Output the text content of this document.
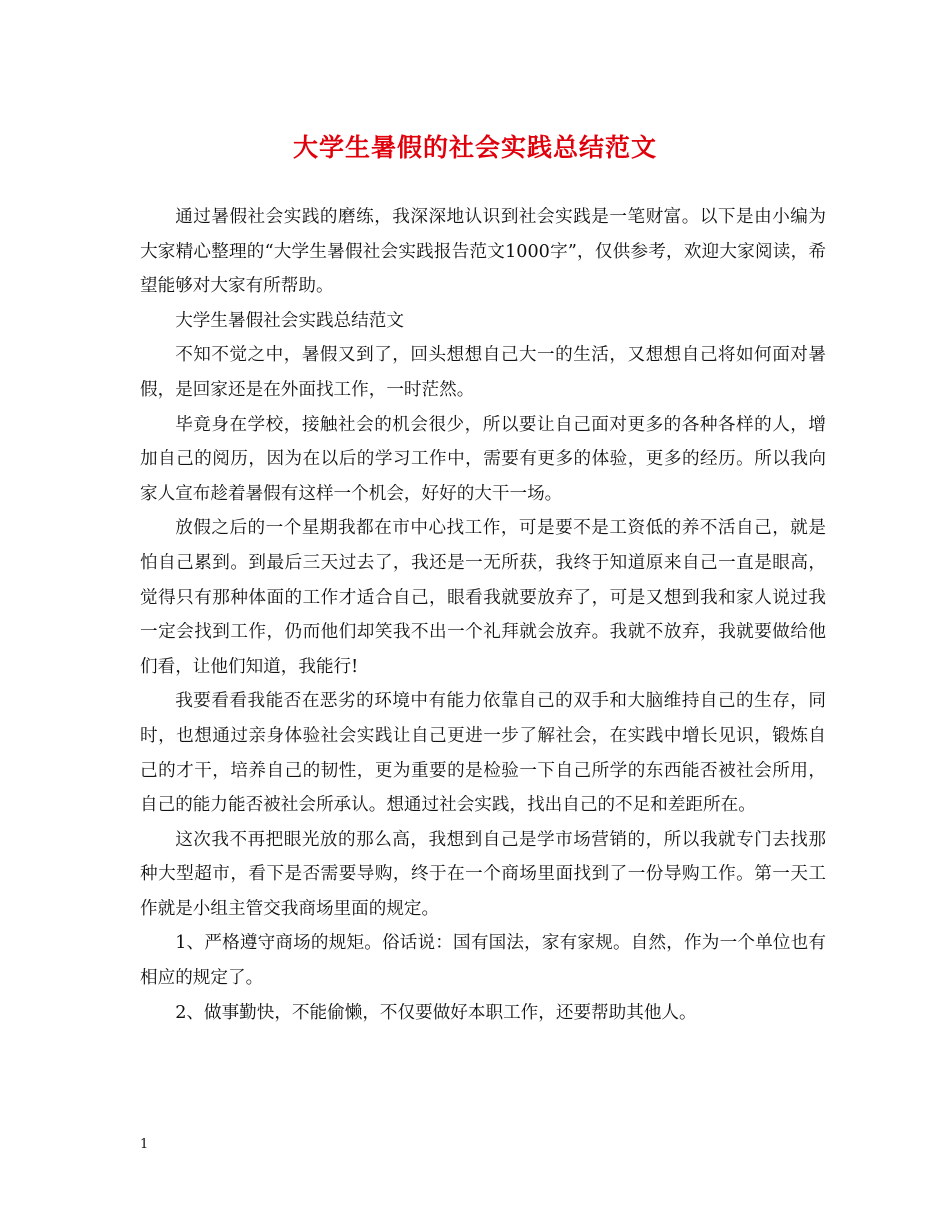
大学生暑假的社会实践总结范文

通过暑假社会实践的磨练，我深深地认识到社会实践是一笔财富。以下是由小编为大家精心整理的“大学生暑假社会实践报告范文1000字”，仅供参考，欢迎大家阅读，希望能够对大家有所帮助。

大学生暑假社会实践总结范文

不知不觉之中，暑假又到了，回头想想自己大一的生活，又想想自己将如何面对暑假，是回家还是在外面找工作，一时茫然。

毕竟身在学校，接触社会的机会很少，所以要让自己面对更多的各种各样的人，增加自己的阅历，因为在以后的学习工作中，需要有更多的体验，更多的经历。所以我向家人宣布趁着暑假有这样一个机会，好好的大干一场。

放假之后的一个星期我都在市中心找工作，可是要不是工资低的养不活自己，就是怕自己累到。到最后三天过去了，我还是一无所获，我终于知道原来自己一直是眼高，觉得只有那种体面的工作才适合自己，眼看我就要放弃了，可是又想到我和家人说过我一定会找到工作，仍而他们却笑我不出一个礼拜就会放弃。我就不放弃，我就要做给他们看，让他们知道，我能行!

我要看看我能否在恶劣的环境中有能力依靠自己的双手和大脑维持自己的生存，同时，也想通过亲身体验社会实践让自己更进一步了解社会，在实践中增长见识，锻炼自己的才干，培养自己的韧性，更为重要的是检验一下自己所学的东西能否被社会所用，自己的能力能否被社会所承认。想通过社会实践，找出自己的不足和差距所在。

这次我不再把眼光放的那么高，我想到自己是学市场营销的，所以我就专门去找那种大型超市，看下是否需要导购，终于在一个商场里面找到了一份导购工作。第一天工作就是小组主管交我商场里面的规定。

1、严格遵守商场的规矩。俗话说：国有国法，家有家规。自然，作为一个单位也有相应的规定了。

2、做事勤快，不能偷懒，不仅要做好本职工作，还要帮助其他人。

1
